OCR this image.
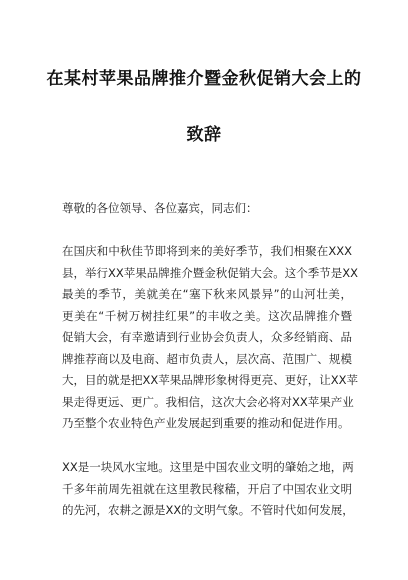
在某村苹果品牌推介暨金秋促销大会上的
致辞
尊敬的各位领导、各位嘉宾，同志们：
在国庆和中秋佳节即将到来的美好季节，我们相聚在XXX
县，举行XX苹果品牌推介暨金秋促销大会。这个季节是XX
最美的季节，美就美在“塞下秋来风景异”的山河壮美，
更美在“千树万树挂红果”的丰收之美。这次品牌推介暨
促销大会，有幸邀请到行业协会负责人，众多经销商、品
牌推荐商以及电商、超市负责人，层次高、范围广、规模
大，目的就是把XX苹果品牌形象树得更亮、更好，让XX苹
果走得更远、更广。我相信，这次大会必将对XX苹果产业
乃至整个农业特色产业发展起到重要的推动和促进作用。
XX是一块风水宝地。这里是中国农业文明的肇始之地，两
千多年前周先祖就在这里教民稼穑，开启了中国农业文明
的先河，农耕之源是XX的文明气象。不管时代如何发展，
